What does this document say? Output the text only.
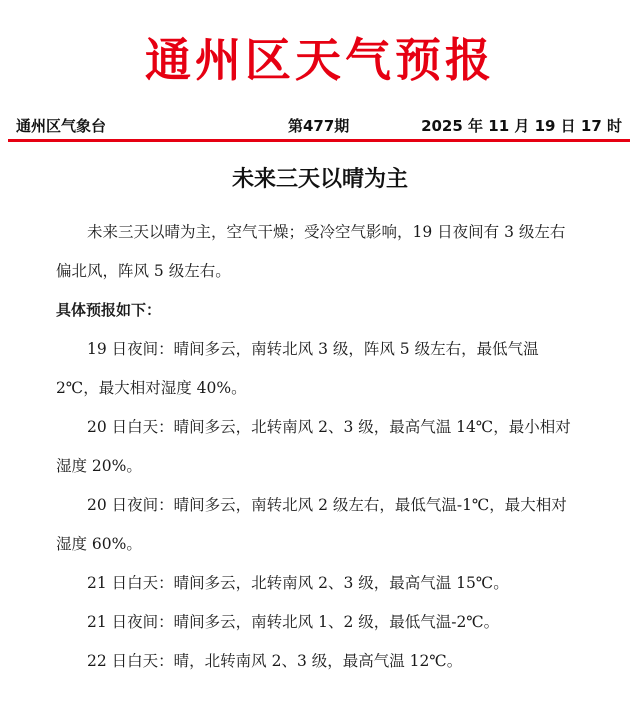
通州区天气预报
通州区气象台	第477期	2025 年 11 月 19 日 17 时
未来三天以晴为主

未来三天以晴为主，空气干燥；受冷空气影响，19 日夜间有 3 级左右偏北风，阵风 5 级左右。

具体预报如下：

19 日夜间：晴间多云，南转北风 3 级，阵风 5 级左右，最低气温 2℃，最大相对湿度 40%。

20 日白天：晴间多云，北转南风 2、3 级，最高气温 14℃，最小相对湿度 20%。

20 日夜间：晴间多云，南转北风 2 级左右，最低气温-1℃，最大相对湿度 60%。

21 日白天：晴间多云，北转南风 2、3 级，最高气温 15℃。

21 日夜间：晴间多云，南转北风 1、2 级，最低气温-2℃。

22 日白天：晴，北转南风 2、3 级，最高气温 12℃。
